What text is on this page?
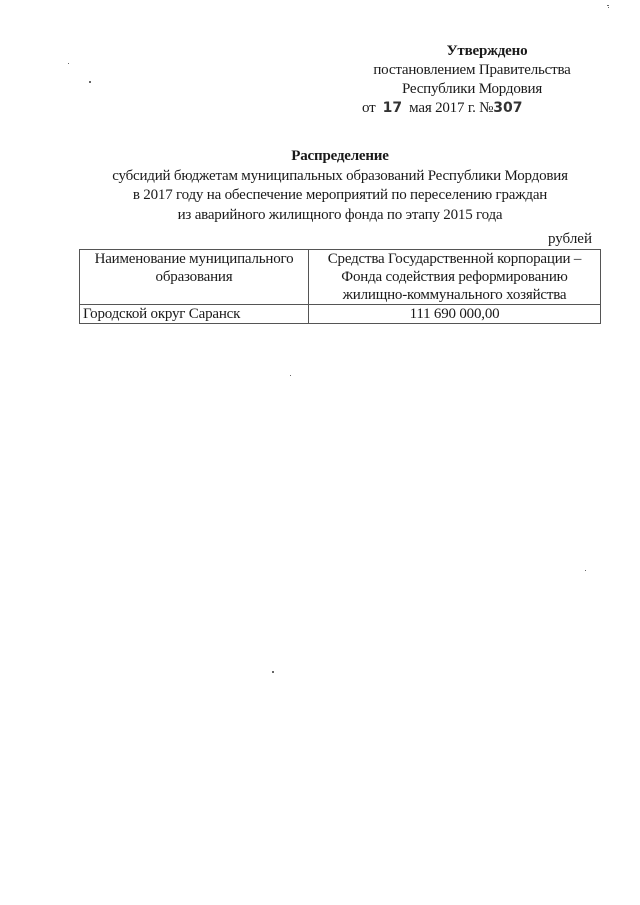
Утверждено
постановлением Правительства
Республики Мордовия
от 17 мая 2017 г. №307
Распределение
субсидий бюджетам муниципальных образований Республики Мордовия
в 2017 году на обеспечение мероприятий по переселению граждан
из аварийного жилищного фонда по этапу 2015 года
рублей
Наименование муниципального образования	Средства Государственной корпорации – Фонда содействия реформированию жилищно-коммунального хозяйства
Городской округ Саранск	111 690 000,00
